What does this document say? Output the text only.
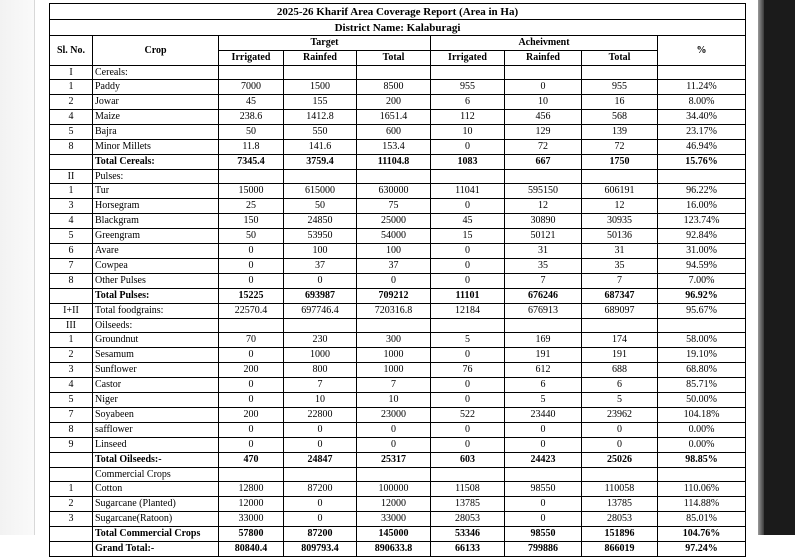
2025-26 Kharif Area Coverage Report (Area in Ha)								
District Name: Kalaburagi								
Sl. No.	Crop	Target			Acheivment			%
		Irrigated	Rainfed	Total	Irrigated	Rainfed	Total	
I	Cereals:							
1	Paddy	7000	1500	8500	955	0	955	11.24%
2	Jowar	45	155	200	6	10	16	8.00%
4	Maize	238.6	1412.8	1651.4	112	456	568	34.40%
5	Bajra	50	550	600	10	129	139	23.17%
8	Minor Millets	11.8	141.6	153.4	0	72	72	46.94%
	Total Cereals:	7345.4	3759.4	11104.8	1083	667	1750	15.76%
II	Pulses:							
1	Tur	15000	615000	630000	11041	595150	606191	96.22%
3	Horsegram	25	50	75	0	12	12	16.00%
4	Blackgram	150	24850	25000	45	30890	30935	123.74%
5	Greengram	50	53950	54000	15	50121	50136	92.84%
6	Avare	0	100	100	0	31	31	31.00%
7	Cowpea	0	37	37	0	35	35	94.59%
8	Other Pulses	0	0	0	0	7	7	7.00%
	Total Pulses:	15225	693987	709212	11101	676246	687347	96.92%
I+II	Total foodgrains:	22570.4	697746.4	720316.8	12184	676913	689097	95.67%
III	Oilseeds:							
1	Groundnut	70	230	300	5	169	174	58.00%
2	Sesamum	0	1000	1000	0	191	191	19.10%
3	Sunflower	200	800	1000	76	612	688	68.80%
4	Castor	0	7	7	0	6	6	85.71%
5	Niger	0	10	10	0	5	5	50.00%
7	Soyabeen	200	22800	23000	522	23440	23962	104.18%
8	safflower	0	0	0	0	0	0	0.00%
9	Linseed	0	0	0	0	0	0	0.00%
	Total Oilseeds:-	470	24847	25317	603	24423	25026	98.85%
	Commercial Crops							
1	Cotton	12800	87200	100000	11508	98550	110058	110.06%
2	Sugarcane (Planted)	12000	0	12000	13785	0	13785	114.88%
3	Sugarcane(Ratoon)	33000	0	33000	28053	0	28053	85.01%
	Total Commercial Crops	57800	87200	145000	53346	98550	151896	104.76%
	Grand Total:-	80840.4	809793.4	890633.8	66133	799886	866019	97.24%
